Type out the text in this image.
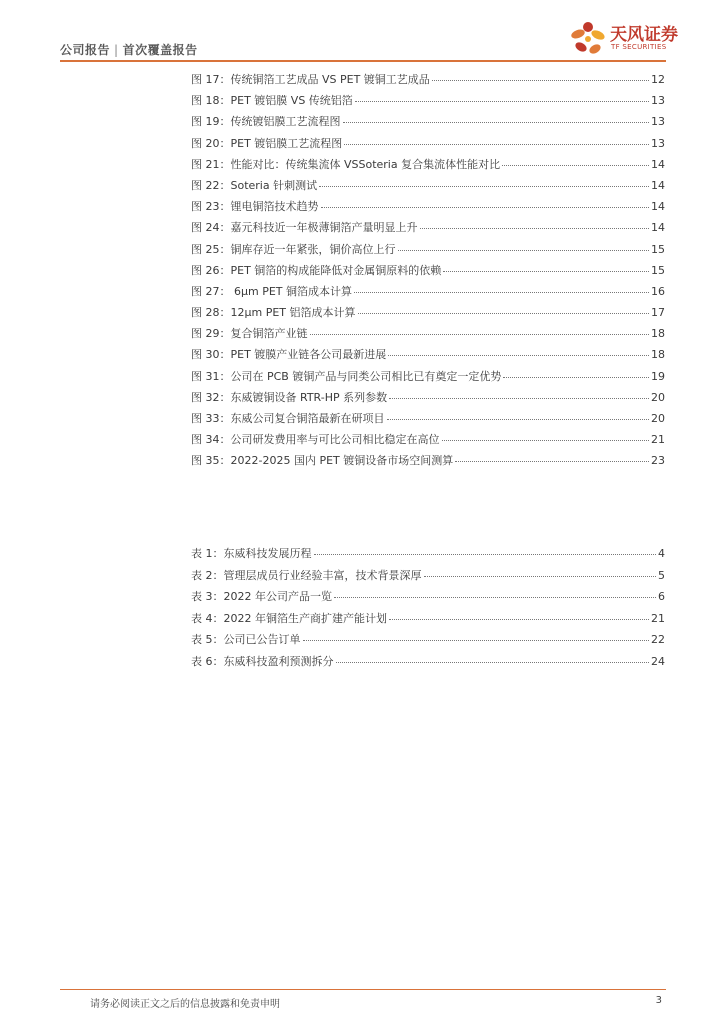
公司报告 | 首次覆盖报告
天风证券
TF SECURITIES
图 17：传统铜箔工艺成品 VS PET 镀铜工艺成品	12
图 18：PET 镀铝膜 VS 传统铝箔	13
图 19：传统镀铝膜工艺流程图	13
图 20：PET 镀铝膜工艺流程图	13
图 21：性能对比：传统集流体 VSSoteria 复合集流体性能对比	14
图 22：Soteria 针刺测试	14
图 23：锂电铜箔技术趋势	14
图 24：嘉元科技近一年极薄铜箔产量明显上升	14
图 25：铜库存近一年紧张，铜价高位上行	15
图 26：PET 铜箔的构成能降低对金属铜原料的依赖	15
图 27： 6μm PET 铜箔成本计算	16
图 28：12μm PET 铝箔成本计算	17
图 29：复合铜箔产业链	18
图 30：PET 镀膜产业链各公司最新进展	18
图 31：公司在 PCB 镀铜产品与同类公司相比已有奠定一定优势	19
图 32：东威镀铜设备 RTR-HP 系列参数	20
图 33：东威公司复合铜箔最新在研项目	20
图 34：公司研发费用率与可比公司相比稳定在高位	21
图 35：2022-2025 国内 PET 镀铜设备市场空间测算	23
表 1：东威科技发展历程	4
表 2：管理层成员行业经验丰富，技术背景深厚	5
表 3：2022 年公司产品一览	6
表 4：2022 年铜箔生产商扩建产能计划	21
表 5：公司已公告订单	22
表 6：东威科技盈利预测拆分	24
请务必阅读正文之后的信息披露和免责申明	3
